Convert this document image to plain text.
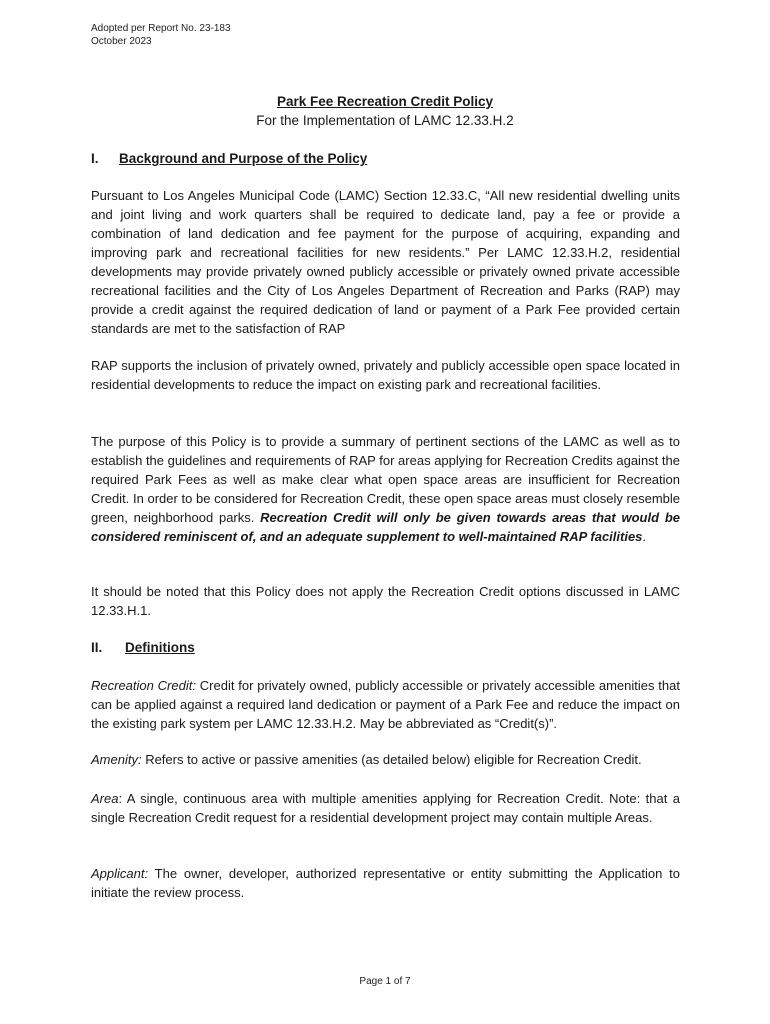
Adopted per Report No. 23-183
October 2023
Park Fee Recreation Credit Policy
For the Implementation of LAMC 12.33.H.2
I. Background and Purpose of the Policy
Pursuant to Los Angeles Municipal Code (LAMC) Section 12.33.C, “All new residential dwelling units and joint living and work quarters shall be required to dedicate land, pay a fee or provide a combination of land dedication and fee payment for the purpose of acquiring, expanding and improving park and recreational facilities for new residents.” Per LAMC 12.33.H.2, residential developments may provide privately owned publicly accessible or privately owned private accessible recreational facilities and the City of Los Angeles Department of Recreation and Parks (RAP) may provide a credit against the required dedication of land or payment of a Park Fee provided certain standards are met to the satisfaction of RAP
RAP supports the inclusion of privately owned, privately and publicly accessible open space located in residential developments to reduce the impact on existing park and recreational facilities.
The purpose of this Policy is to provide a summary of pertinent sections of the LAMC as well as to establish the guidelines and requirements of RAP for areas applying for Recreation Credits against the required Park Fees as well as make clear what open space areas are insufficient for Recreation Credit. In order to be considered for Recreation Credit, these open space areas must closely resemble green, neighborhood parks. Recreation Credit will only be given towards areas that would be considered reminiscent of, and an adequate supplement to well-maintained RAP facilities.
It should be noted that this Policy does not apply the Recreation Credit options discussed in LAMC 12.33.H.1.
II. Definitions
Recreation Credit: Credit for privately owned, publicly accessible or privately accessible amenities that can be applied against a required land dedication or payment of a Park Fee and reduce the impact on the existing park system per LAMC 12.33.H.2. May be abbreviated as “Credit(s)”.
Amenity: Refers to active or passive amenities (as detailed below) eligible for Recreation Credit.
Area: A single, continuous area with multiple amenities applying for Recreation Credit. Note: that a single Recreation Credit request for a residential development project may contain multiple Areas.
Applicant: The owner, developer, authorized representative or entity submitting the Application to initiate the review process.
Page 1 of 7
